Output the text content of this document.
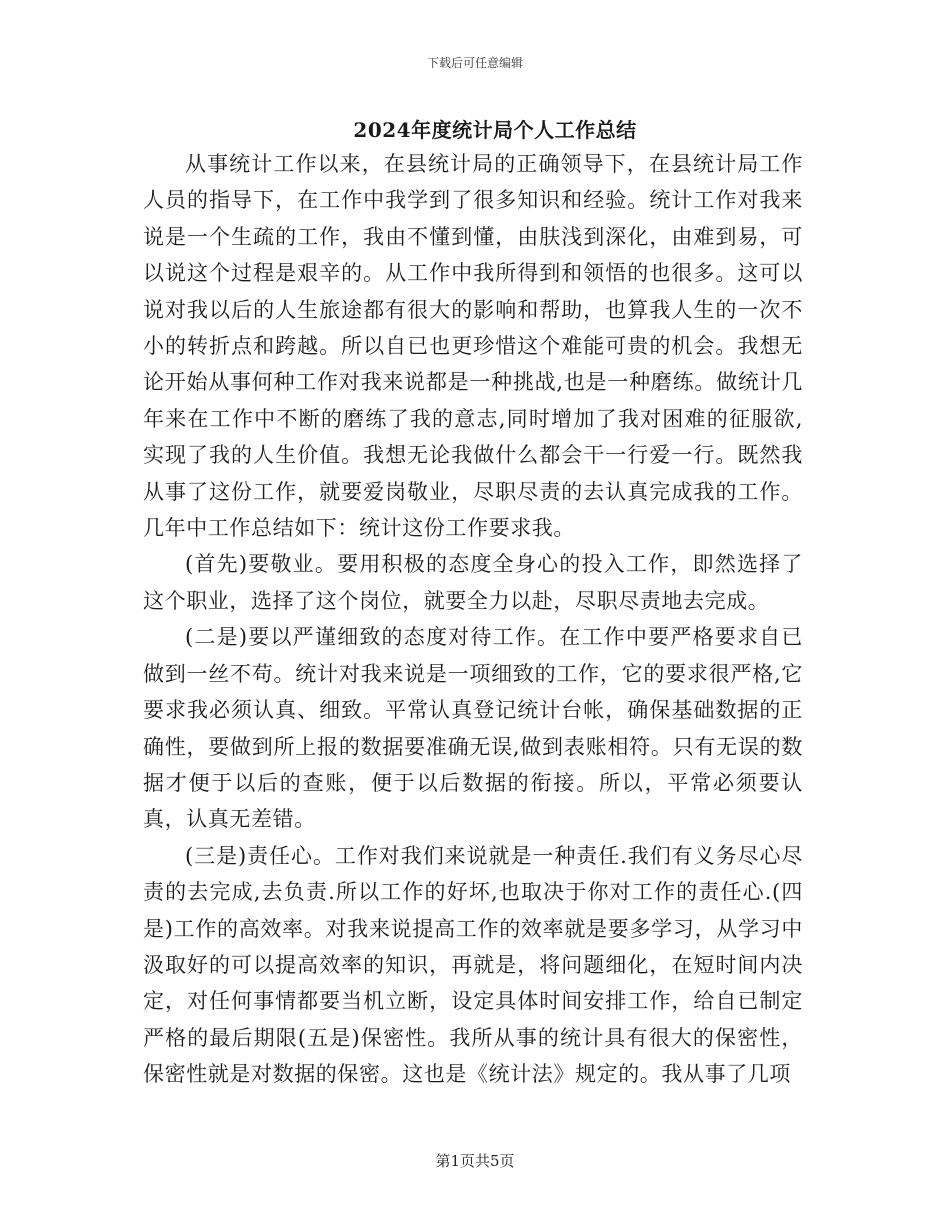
下载后可任意编辑
2024年度统计局个人工作总结

从事统计工作以来，在县统计局的正确领导下，在县统计局工作人员的指导下，在工作中我学到了很多知识和经验。统计工作对我来说是一个生疏的工作，我由不懂到懂，由肤浅到深化，由难到易，可以说这个过程是艰辛的。从工作中我所得到和领悟的也很多。这可以说对我以后的人生旅途都有很大的影响和帮助，也算我人生的一次不小的转折点和跨越。所以自已也更珍惜这个难能可贵的机会。我想无论开始从事何种工作对我来说都是一种挑战,也是一种磨练。做统计几年来在工作中不断的磨练了我的意志,同时增加了我对困难的征服欲,实现了我的人生价值。我想无论我做什么都会干一行爱一行。既然我从事了这份工作，就要爱岗敬业，尽职尽责的去认真完成我的工作。几年中工作总结如下：统计这份工作要求我。

(首先)要敬业。要用积极的态度全身心的投入工作，即然选择了这个职业，选择了这个岗位，就要全力以赴，尽职尽责地去完成。

(二是)要以严谨细致的态度对待工作。在工作中要严格要求自已做到一丝不苟。统计对我来说是一项细致的工作，它的要求很严格,它要求我必须认真、细致。平常认真登记统计台帐，确保基础数据的正确性，要做到所上报的数据要准确无误,做到表账相符。只有无误的数据才便于以后的查账，便于以后数据的衔接。所以，平常必须要认真，认真无差错。

(三是)责任心。工作对我们来说就是一种责任.我们有义务尽心尽责的去完成,去负责.所以工作的好坏,也取决于你对工作的责任心.(四是)工作的高效率。对我来说提高工作的效率就是要多学习，从学习中汲取好的可以提高效率的知识，再就是，将问题细化，在短时间内决定，对任何事情都要当机立断，设定具体时间安排工作，给自已制定严格的最后期限(五是)保密性。我所从事的统计具有很大的保密性，保密性就是对数据的保密。这也是《统计法》规定的。我从事了几项

第1页共5页
